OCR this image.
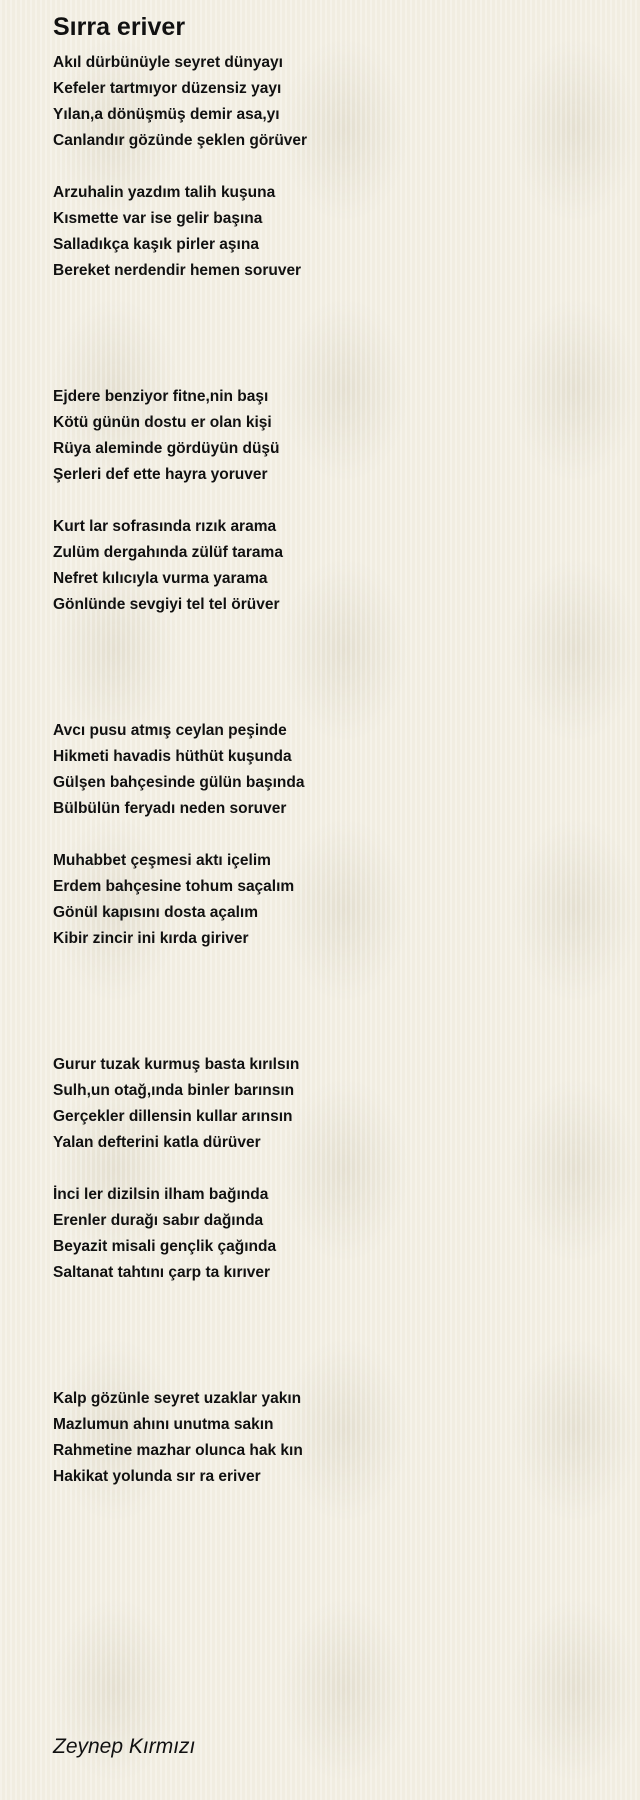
Sırra eriver
Akıl dürbünüyle seyret dünyayı
Kefeler tartmıyor düzensiz yayı
Yılan,a dönüşmüş demir asa,yı
Canlandır gözünde şeklen görüver
Arzuhalin yazdım talih kuşuna
Kısmette var ise gelir başına
Salladıkça kaşık pirler aşına
Bereket nerdendir hemen soruver
Ejdere benziyor fitne,nin başı
Kötü günün dostu er olan kişi
Rüya aleminde gördüyün düşü
Şerleri def ette hayra yoruver
Kurt lar sofrasında rızık arama
Zulüm dergahında zülüf tarama
Nefret kılıcıyla vurma yarama
Gönlünde sevgiyi tel tel örüver
Avcı pusu atmış ceylan peşinde
Hikmeti havadis hüthüt kuşunda
Gülşen bahçesinde gülün başında
Bülbülün feryadı neden soruver
Muhabbet çeşmesi aktı içelim
Erdem bahçesine tohum saçalım
Gönül kapısını dosta açalım
Kibir zincir ini kırda giriver
Gurur tuzak kurmuş basta kırılsın
Sulh,un otağ,ında binler barınsın
Gerçekler dillensin kullar arınsın
Yalan defterini katla dürüver
İnci ler dizilsin ilham bağında
Erenler durağı sabır dağında
Beyazit misali gençlik çağında
Saltanat tahtını çarp ta kırıver
Kalp gözünle seyret uzaklar yakın
Mazlumun ahını unutma sakın
Rahmetine mazhar olunca hak kın
Hakikat yolunda sır ra eriver
Zeynep Kırmızı
